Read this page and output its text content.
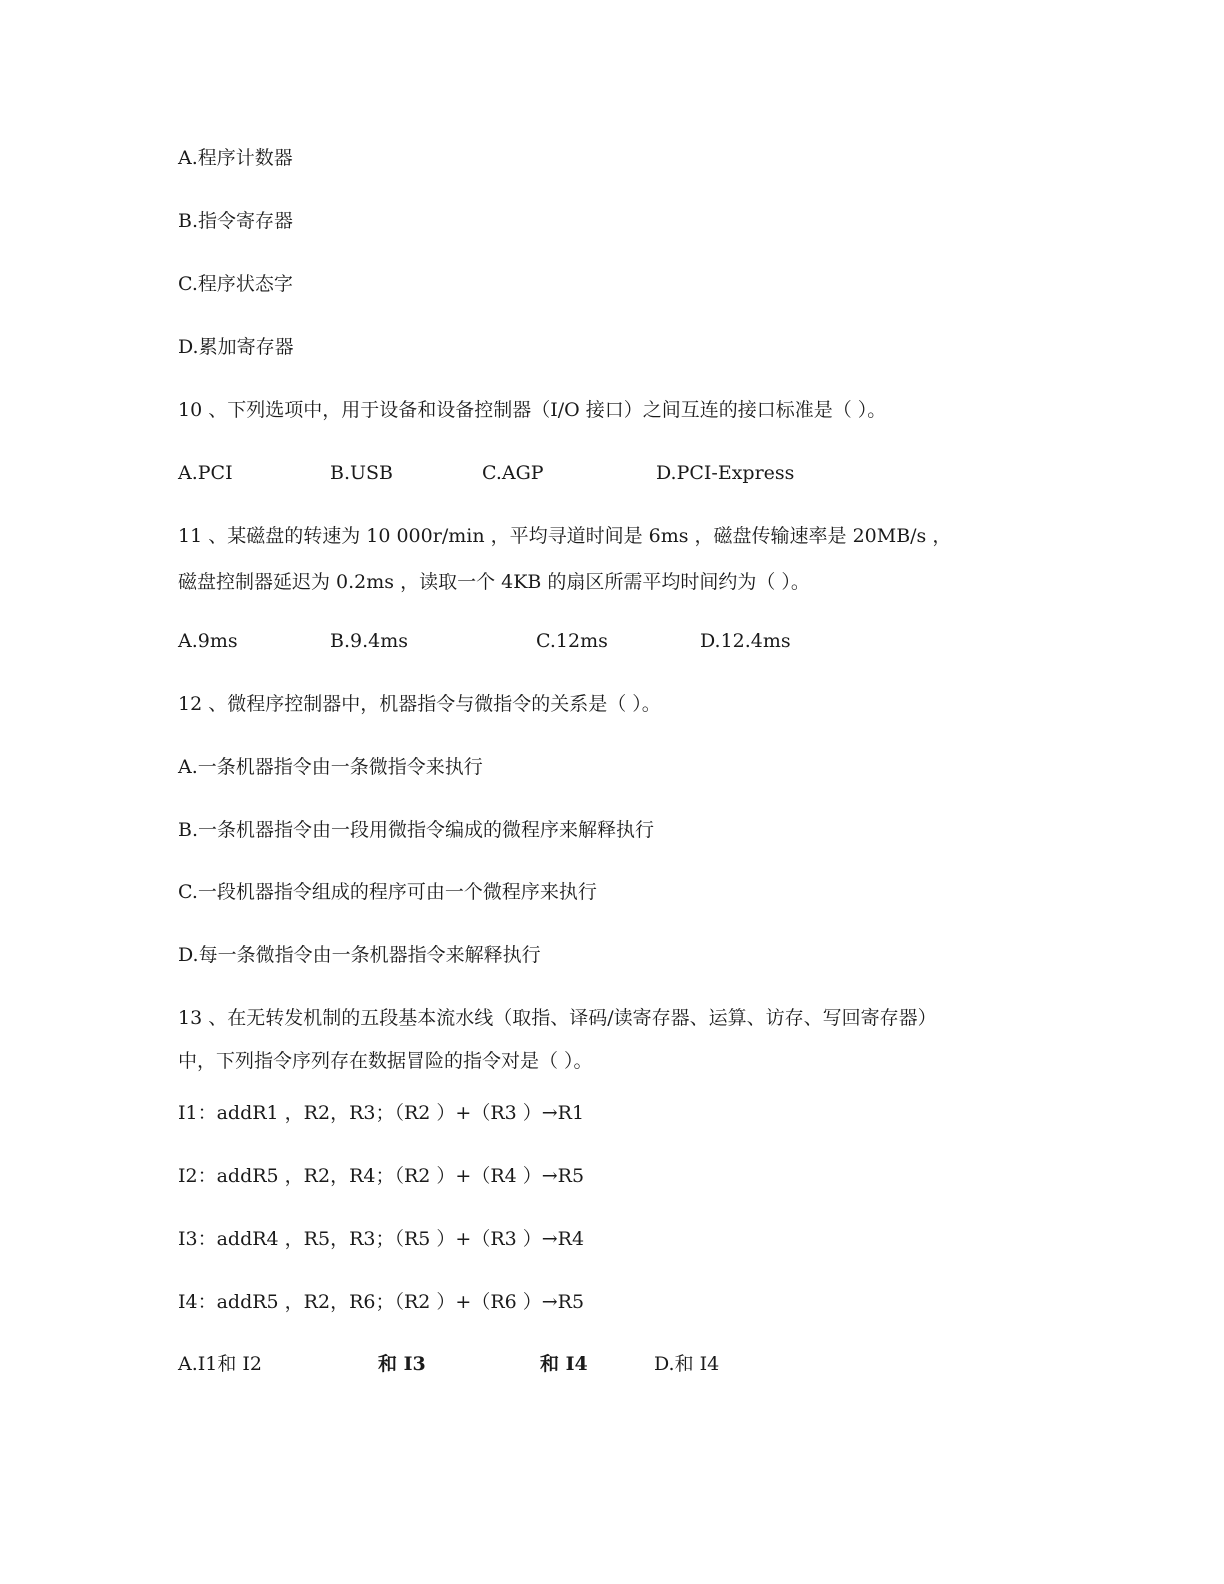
A.程序计数器
B.指令寄存器
C.程序状态字
D.累加寄存器
10 、下列选项中，用于设备和设备控制器（I/O 接口）之间互连的接口标准是（ ）。
A.PCI	B.USB	C.AGP	D.PCI-Express
11 、某磁盘的转速为 10 000r/min ，平均寻道时间是 6ms ，磁盘传输速率是 20MB/s ，
磁盘控制器延迟为 0.2ms ，读取一个 4KB 的扇区所需平均时间约为（ ）。
A.9ms	B.9.4ms	C.12ms	D.12.4ms
12 、微程序控制器中，机器指令与微指令的关系是（ ）。
A.一条机器指令由一条微指令来执行
B.一条机器指令由一段用微指令编成的微程序来解释执行
C.一段机器指令组成的程序可由一个微程序来执行
D.每一条微指令由一条机器指令来解释执行
13 、在无转发机制的五段基本流水线（取指、译码/读寄存器、运算、访存、写回寄存器）
中，下列指令序列存在数据冒险的指令对是（ ）。
I1：addR1 ，R2，R3；（R2 ）+（R3 ）→R1
I2：addR5 ，R2，R4；（R2 ）+（R4 ）→R5
I3：addR4 ，R5，R3；（R5 ）+（R3 ）→R4
I4：addR5 ，R2，R6；（R2 ）+（R6 ）→R5
A.I1和 I2	和 I3	和 I4	D.和 I4
